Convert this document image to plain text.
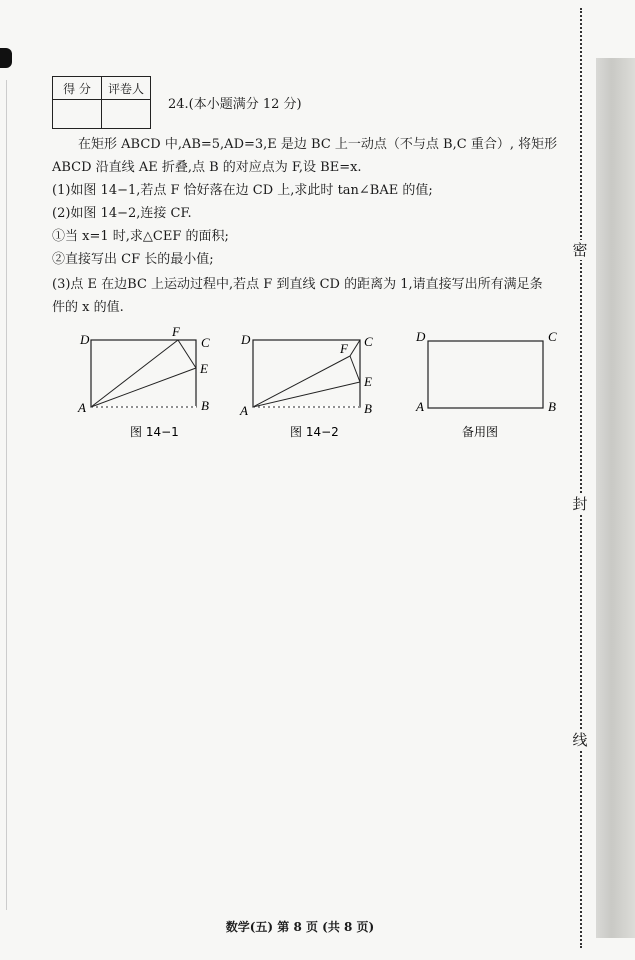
密
封
线
得 分	评卷人

24.(本小题满分 12 分)
在矩形 ABCD 中,AB=5,AD=3,E 是边 BC 上一动点（不与点 B,C 重合）, 将矩形
ABCD 沿直线 AE 折叠,点 B 的对应点为 F,设 BE=x.
(1)如图 14−1,若点 F 恰好落在边 CD 上,求此时 tan∠BAE 的值;
(2)如图 14−2,连接 CF.
①当 x=1 时,求△CEF 的面积;
②直接写出 CF 长的最小值;
(3)点 E 在边BC 上运动过程中,若点 F 到直线 CD 的距离为 1,请直接写出所有满足条
件的 x 的值.
D	C
F
E
A	B
图 14−1
D	C
F
E
A	B
图 14−2
D	C
A	B
备用图
数学(五) 第 8 页 (共 8 页)
